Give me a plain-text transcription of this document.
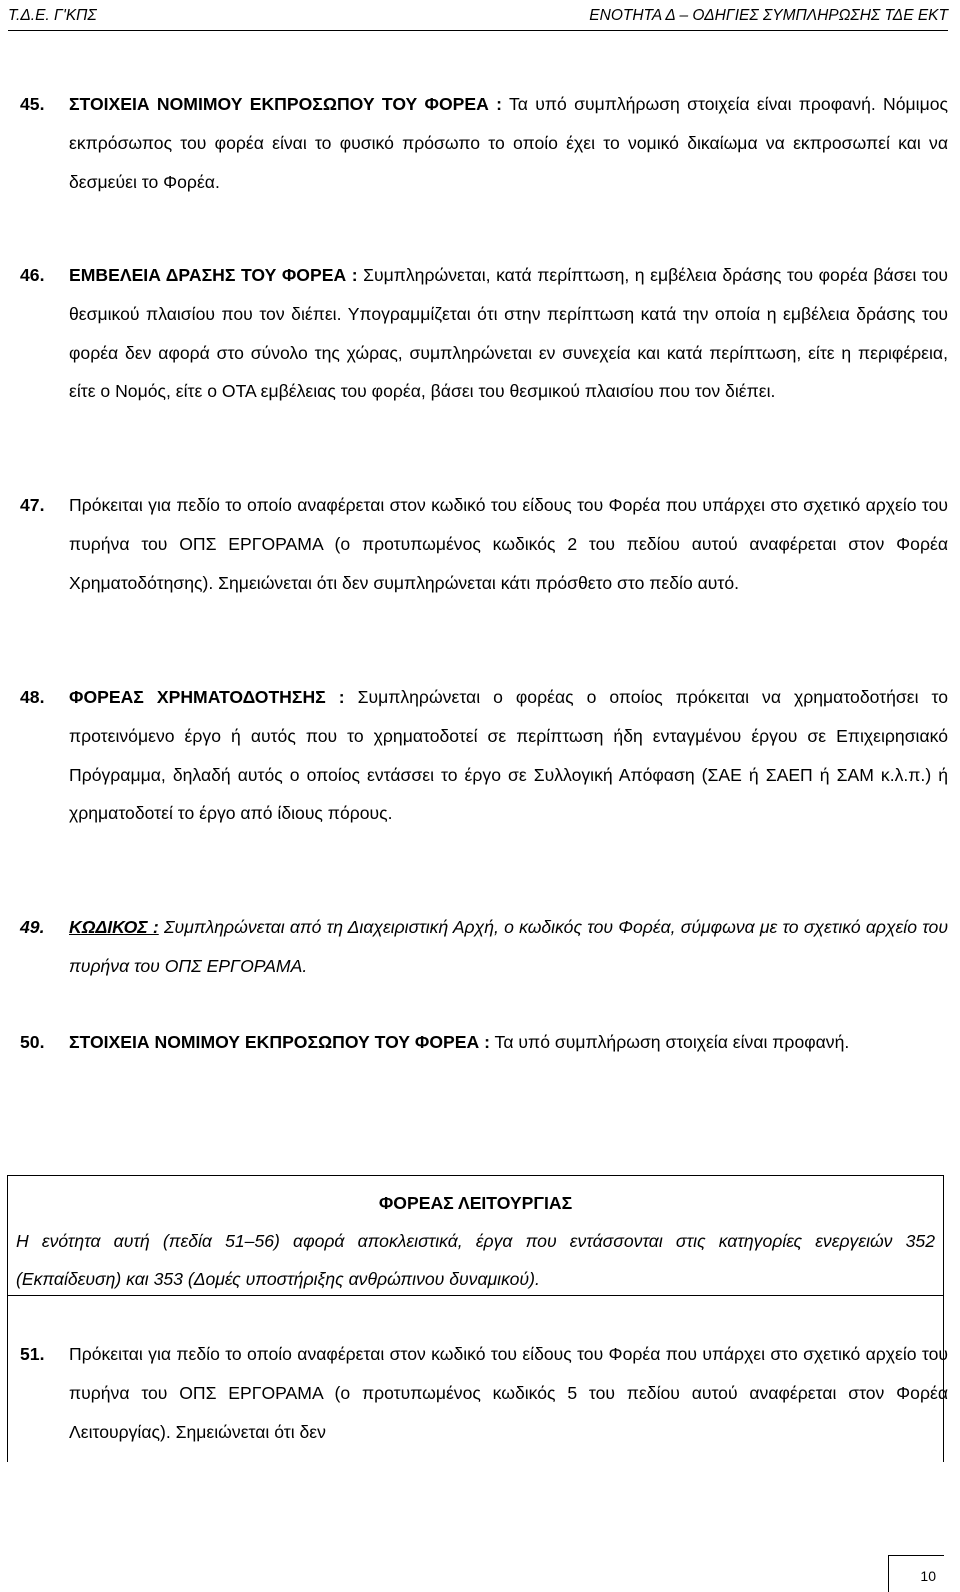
Τ.Δ.Ε. Γ'ΚΠΣ	ΕΝΟΤΗΤΑ Δ – ΟΔΗΓΙΕΣ ΣΥΜΠΛΗΡΩΣΗΣ ΤΔΕ ΕΚΤ
45. ΣΤΟΙΧΕΙΑ ΝΟΜΙΜΟΥ ΕΚΠΡΟΣΩΠΟΥ ΤΟΥ ΦΟΡΕΑ : Τα υπό συμπλήρωση στοιχεία είναι προφανή. Νόμιμος εκπρόσωπος του φορέα είναι το φυσικό πρόσωπο το οποίο έχει το νομικό δικαίωμα να εκπροσωπεί και να δεσμεύει το Φορέα.
46. ΕΜΒΕΛΕΙΑ ΔΡΑΣΗΣ ΤΟΥ ΦΟΡΕΑ : Συμπληρώνεται, κατά περίπτωση, η εμβέλεια δράσης του φορέα βάσει του θεσμικού πλαισίου που τον διέπει. Υπογραμμίζεται ότι στην περίπτωση κατά την οποία η εμβέλεια δράσης του φορέα δεν αφορά στο σύνολο της χώρας, συμπληρώνεται εν συνεχεία και κατά περίπτωση, είτε η περιφέρεια, είτε ο Νομός, είτε ο ΟΤΑ εμβέλειας του φορέα, βάσει του θεσμικού πλαισίου που τον διέπει.
47. Πρόκειται για πεδίο το οποίο αναφέρεται στον κωδικό του είδους του Φορέα που υπάρχει στο σχετικό αρχείο του πυρήνα του ΟΠΣ ΕΡΓΟΡΑΜΑ (ο προτυπωμένος κωδικός 2 του πεδίου αυτού αναφέρεται στον Φορέα Χρηματοδότησης). Σημειώνεται ότι δεν συμπληρώνεται κάτι πρόσθετο στο πεδίο αυτό.
48. ΦΟΡΕΑΣ ΧΡΗΜΑΤΟΔΟΤΗΣΗΣ : Συμπληρώνεται ο φορέας ο οποίος πρόκειται να χρηματοδοτήσει το προτεινόμενο έργο ή αυτός που το χρηματοδοτεί σε περίπτωση ήδη ενταγμένου έργου σε Επιχειρησιακό Πρόγραμμα, δηλαδή αυτός ο οποίος εντάσσει το έργο σε Συλλογική Απόφαση (ΣΑΕ ή ΣΑΕΠ ή ΣΑΜ κ.λ.π.) ή χρηματοδοτεί το έργο από ίδιους πόρους.
49. ΚΩΔΙΚΟΣ : Συμπληρώνεται από τη Διαχειριστική Αρχή, ο κωδικός του Φορέα, σύμφωνα με το σχετικό αρχείο του πυρήνα του ΟΠΣ ΕΡΓΟΡΑΜΑ.
50. ΣΤΟΙΧΕΙΑ ΝΟΜΙΜΟΥ ΕΚΠΡΟΣΩΠΟΥ ΤΟΥ ΦΟΡΕΑ : Τα υπό συμπλήρωση στοιχεία είναι προφανή.
ΦΟΡΕΑΣ ΛΕΙΤΟΥΡΓΙΑΣ
Η ενότητα αυτή (πεδία 51–56) αφορά αποκλειστικά, έργα που εντάσσονται στις κατηγορίες ενεργειών 352 (Εκπαίδευση) και 353 (Δομές υποστήριξης ανθρώπινου δυναμικού).
51. Πρόκειται για πεδίο το οποίο αναφέρεται στον κωδικό του είδους του Φορέα που υπάρχει στο σχετικό αρχείο του πυρήνα του ΟΠΣ ΕΡΓΟΡΑΜΑ (ο προτυπωμένος κωδικός 5 του πεδίου αυτού αναφέρεται στον Φορέα Λειτουργίας). Σημειώνεται ότι δεν
10
